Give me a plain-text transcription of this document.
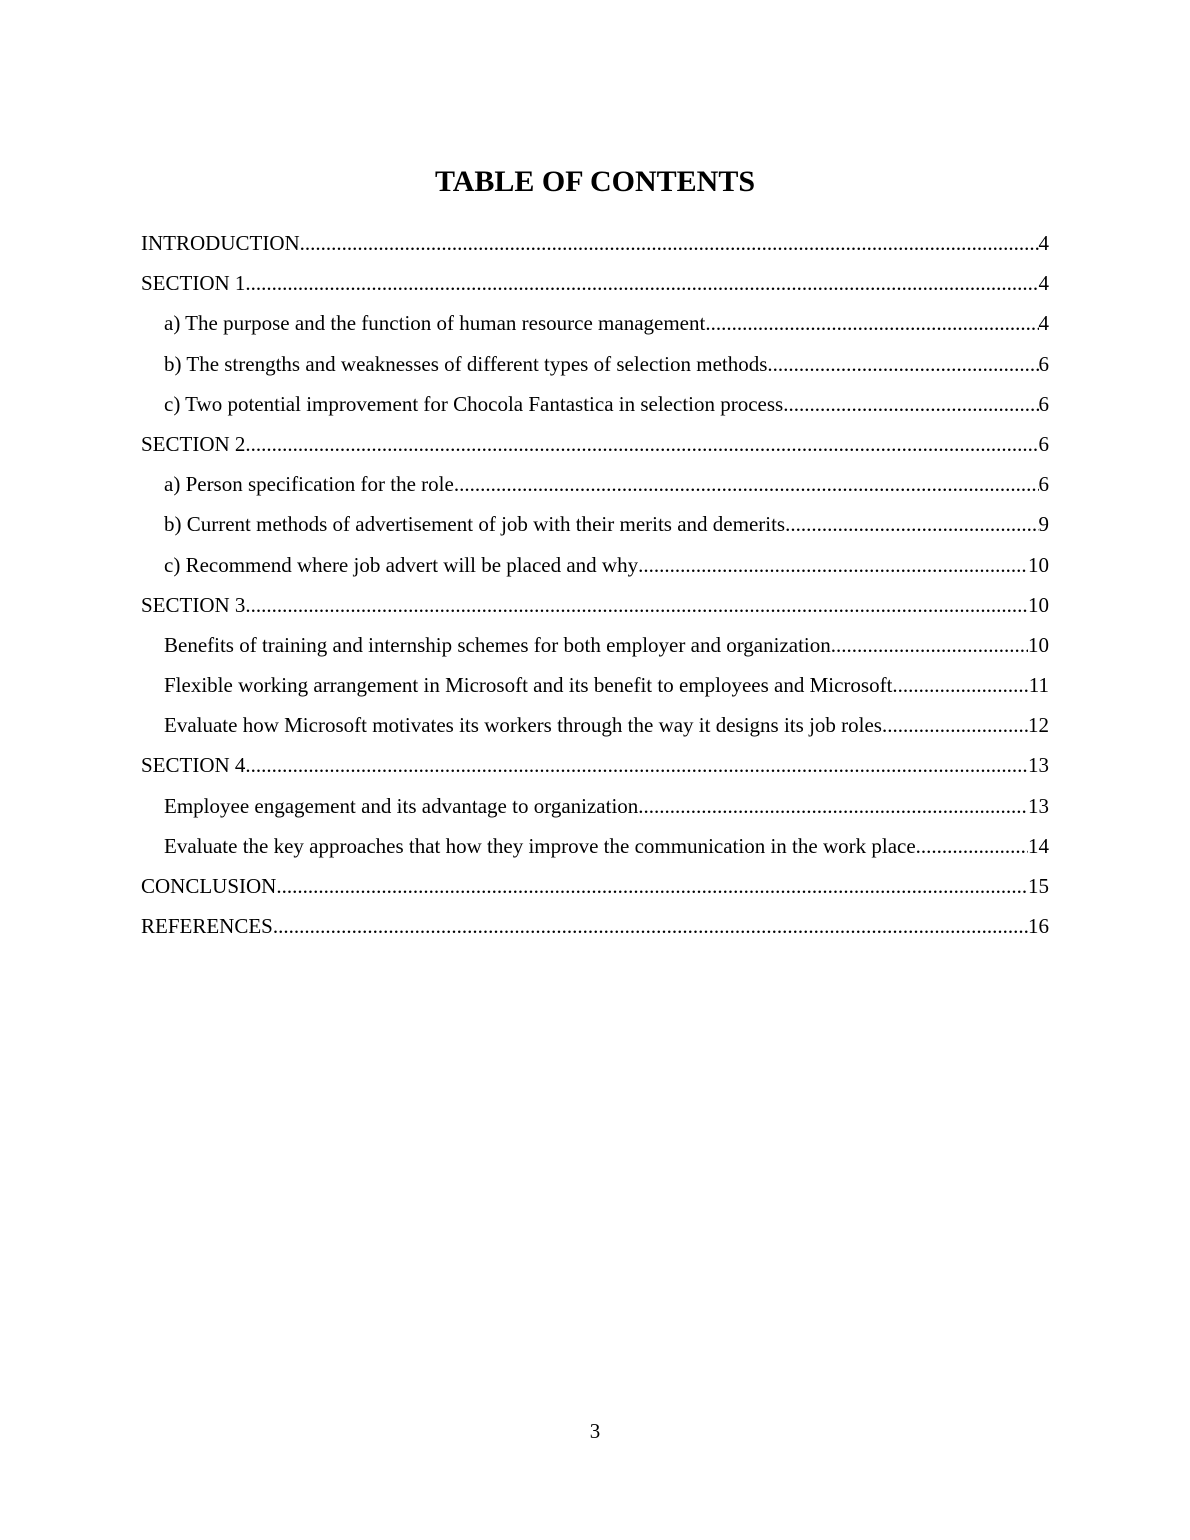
TABLE OF CONTENTS
INTRODUCTION .....	4
SECTION 1 .....	4
a) The purpose and the function of human resource management .....	4
b) The strengths and weaknesses of different types of selection methods .....	6
c) Two potential improvement for Chocola Fantastica in selection process .....	6
SECTION 2 .....	6
a) Person specification for the role .....	6
b) Current methods of advertisement of job with their merits and demerits .....	9
c) Recommend where job advert will be placed and why .....	10
SECTION 3 .....	10
Benefits of training and internship schemes for both employer and organization .....	10
Flexible working arrangement in Microsoft and its benefit to employees and Microsoft .....	11
Evaluate how Microsoft motivates its workers through the way it designs its job roles .....	12
SECTION 4 .....	13
Employee engagement and its advantage to organization .....	13
Evaluate the key approaches that how they improve the communication in the work place. .....	14
CONCLUSION .....	15
REFERENCES .....	16
3
